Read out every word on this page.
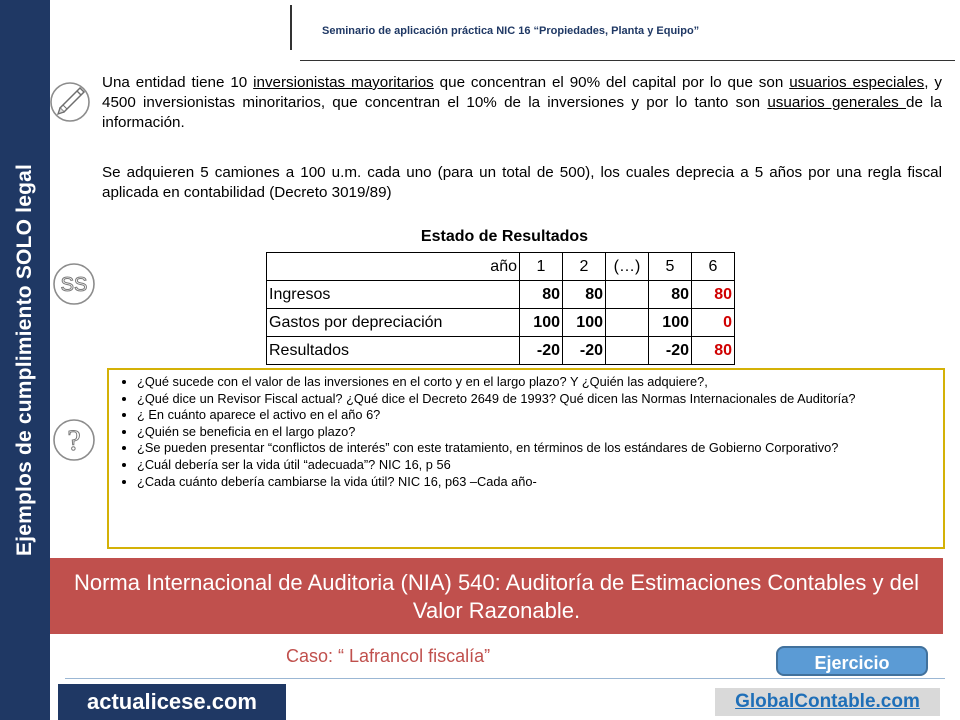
Ejemplos de cumplimiento SOLO legal
Seminario de aplicación práctica NIC 16 “Propiedades, Planta y Equipo”
SS
?
Una entidad tiene 10 inversionistas mayoritarios que concentran el 90% del capital por lo que son usuarios especiales, y 4500 inversionistas minoritarios, que concentran el 10% de la inversiones y por lo tanto son usuarios generales de la información.
Se adquieren 5 camiones a 100 u.m. cada uno (para un total de 500), los cuales deprecia a 5 años por una regla fiscal aplicada en contabilidad (Decreto 3019/89)
Estado de Resultados
año	1	2	(…)	5	6
Ingresos	80	80		80	80
Gastos por depreciación	100	100		100	0
Resultados	-20	-20		-20	80
• ¿Qué sucede con el valor de las inversiones en el corto y en el largo plazo? Y ¿Quién las adquiere?,
• ¿Qué dice un Revisor Fiscal actual? ¿Qué dice el Decreto 2649 de 1993? Qué dicen las Normas Internacionales de Auditoría?
• ¿ En cuánto aparece el activo en el año 6?
• ¿Quién se beneficia en el largo plazo?
• ¿Se pueden presentar “conflictos de interés” con este tratamiento, en términos de los estándares de Gobierno Corporativo?
• ¿Cuál debería ser la vida útil “adecuada”? NIC 16, p 56
• ¿Cada cuánto debería cambiarse la vida útil? NIC 16, p63 –Cada año-
Norma Internacional de Auditoria (NIA) 540: Auditoría de Estimaciones Contables y del Valor Razonable.
Caso: “ Lafrancol fiscalía”	Ejercicio
actualicese.com	GlobalContable.com
